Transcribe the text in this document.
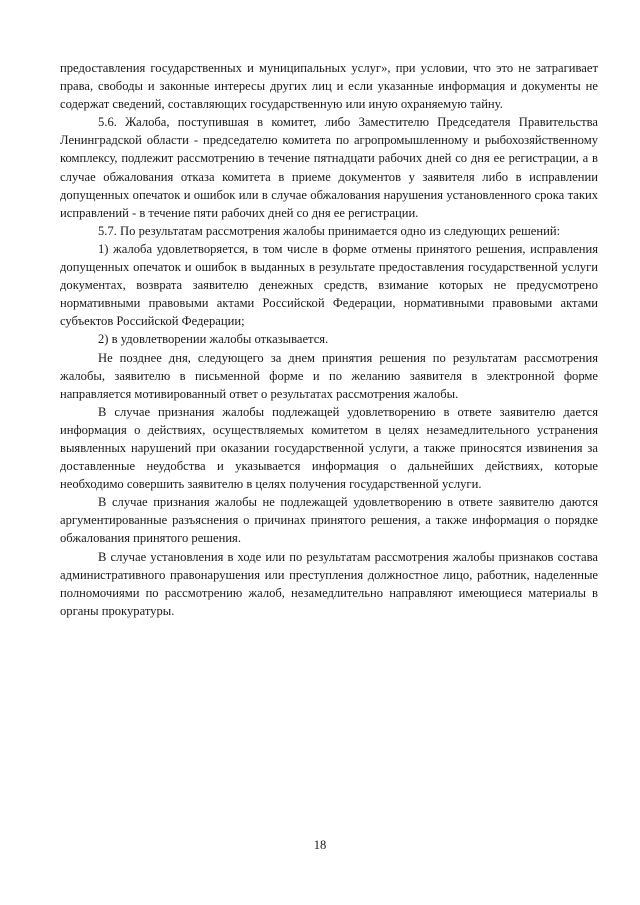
предоставления государственных и муниципальных услуг», при условии, что это не затрагивает права, свободы и законные интересы других лиц и если указанные информация и документы не содержат сведений, составляющих государственную или иную охраняемую тайну.

5.6. Жалоба, поступившая в комитет, либо Заместителю Председателя Правительства Ленинградской области - председателю комитета по агропромышленному и рыбохозяйственному комплексу, подлежит рассмотрению в течение пятнадцати рабочих дней со дня ее регистрации, а в случае обжалования отказа комитета в приеме документов у заявителя либо в исправлении допущенных опечаток и ошибок или в случае обжалования нарушения установленного срока таких исправлений - в течение пяти рабочих дней со дня ее регистрации.

5.7. По результатам рассмотрения жалобы принимается одно из следующих решений:

1) жалоба удовлетворяется, в том числе в форме отмены принятого решения, исправления допущенных опечаток и ошибок в выданных в результате предоставления государственной услуги документах, возврата заявителю денежных средств, взимание которых не предусмотрено нормативными правовыми актами Российской Федерации, нормативными правовыми актами субъектов Российской Федерации;

2) в удовлетворении жалобы отказывается.

Не позднее дня, следующего за днем принятия решения по результатам рассмотрения жалобы, заявителю в письменной форме и по желанию заявителя в электронной форме направляется мотивированный ответ о результатах рассмотрения жалобы.

В случае признания жалобы подлежащей удовлетворению в ответе заявителю дается информация о действиях, осуществляемых комитетом в целях незамедлительного устранения выявленных нарушений при оказании государственной услуги, а также приносятся извинения за доставленные неудобства и указывается информация о дальнейших действиях, которые необходимо совершить заявителю в целях получения государственной услуги.

В случае признания жалобы не подлежащей удовлетворению в ответе заявителю даются аргументированные разъяснения о причинах принятого решения, а также информация о порядке обжалования принятого решения.

В случае установления в ходе или по результатам рассмотрения жалобы признаков состава административного правонарушения или преступления должностное лицо, работник, наделенные полномочиями по рассмотрению жалоб, незамедлительно направляют имеющиеся материалы в органы прокуратуры.

18
